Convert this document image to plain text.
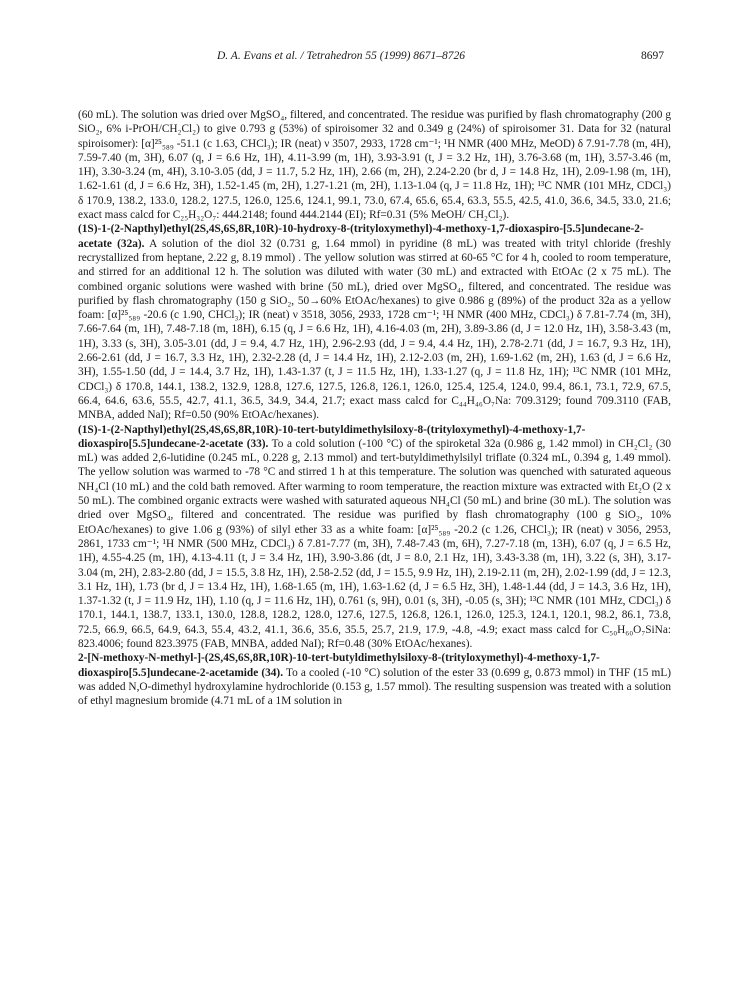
D. A. Evans et al. / Tetrahedron 55 (1999) 8671–8726	8697

(60 mL). The solution was dried over MgSO₄, filtered, and concentrated. The residue was purified by flash chromatography (200 g SiO₂, 6% i-PrOH/CH₂Cl₂) to give 0.793 g (53%) of spiroisomer 32 and 0.349 g (24%) of spiroisomer 31. Data for 32 (natural spiroisomer): [α]²⁵₅₈₉ -51.1 (c 1.63, CHCl₃); IR (neat) ν 3507, 2933, 1728 cm⁻¹; ¹H NMR (400 MHz, MeOD) δ 7.91-7.78 (m, 4H), 7.59-7.40 (m, 3H), 6.07 (q, J = 6.6 Hz, 1H), 4.11-3.99 (m, 1H), 3.93-3.91 (t, J = 3.2 Hz, 1H), 3.76-3.68 (m, 1H), 3.57-3.46 (m, 1H), 3.30-3.24 (m, 4H), 3.10-3.05 (dd, J = 11.7, 5.2 Hz, 1H), 2.66 (m, 2H), 2.24-2.20 (br d, J = 14.8 Hz, 1H), 2.09-1.98 (m, 1H), 1.62-1.61 (d, J = 6.6 Hz, 3H), 1.52-1.45 (m, 2H), 1.27-1.21 (m, 2H), 1.13-1.04 (q, J = 11.8 Hz, 1H); ¹³C NMR (101 MHz, CDCl₃) δ 170.9, 138.2, 133.0, 128.2, 127.5, 126.0, 125.6, 124.1, 99.1, 73.0, 67.4, 65.6, 65.4, 63.3, 55.5, 42.5, 41.0, 36.6, 34.5, 33.0, 21.6; exact mass calcd for C₂₅H₃₂O₇: 444.2148; found 444.2144 (EI); Rf=0.31 (5% MeOH/ CH₂Cl₂).

(1S)-1-(2-Napthyl)ethyl(2S,4S,6S,8R,10R)-10-hydroxy-8-(trityloxymethyl)-4-methoxy-1,7-dioxaspiro-[5.5]undecane-2-acetate (32a). A solution of the diol 32 (0.731 g, 1.64 mmol) in pyridine (8 mL) was treated with trityl chloride (freshly recrystallized from heptane, 2.22 g, 8.19 mmol) . The yellow solution was stirred at 60-65 °C for 4 h, cooled to room temperature, and stirred for an additional 12 h. The solution was diluted with water (30 mL) and extracted with EtOAc (2 x 75 mL). The combined organic solutions were washed with brine (50 mL), dried over MgSO₄, filtered, and concentrated. The residue was purified by flash chromatography (150 g SiO₂, 50→60% EtOAc/hexanes) to give 0.986 g (89%) of the product 32a as a yellow foam: [α]²⁵₅₈₉ -20.6 (c 1.90, CHCl₃); IR (neat) ν 3518, 3056, 2933, 1728 cm⁻¹; ¹H NMR (400 MHz, CDCl₃) δ 7.81-7.74 (m, 3H), 7.66-7.64 (m, 1H), 7.48-7.18 (m, 18H), 6.15 (q, J = 6.6 Hz, 1H), 4.16-4.03 (m, 2H), 3.89-3.86 (d, J = 12.0 Hz, 1H), 3.58-3.43 (m, 1H), 3.33 (s, 3H), 3.05-3.01 (dd, J = 9.4, 4.7 Hz, 1H), 2.96-2.93 (dd, J = 9.4, 4.4 Hz, 1H), 2.78-2.71 (dd, J = 16.7, 9.3 Hz, 1H), 2.66-2.61 (dd, J = 16.7, 3.3 Hz, 1H), 2.32-2.28 (d, J = 14.4 Hz, 1H), 2.12-2.03 (m, 2H), 1.69-1.62 (m, 2H), 1.63 (d, J = 6.6 Hz, 3H), 1.55-1.50 (dd, J = 14.4, 3.7 Hz, 1H), 1.43-1.37 (t, J = 11.5 Hz, 1H), 1.33-1.27 (q, J = 11.8 Hz, 1H); ¹³C NMR (101 MHz, CDCl₃) δ 170.8, 144.1, 138.2, 132.9, 128.8, 127.6, 127.5, 126.8, 126.1, 126.0, 125.4, 125.4, 124.0, 99.4, 86.1, 73.1, 72.9, 67.5, 66.4, 64.6, 63.6, 55.5, 42.7, 41.1, 36.5, 34.9, 34.4, 21.7; exact mass calcd for C₄₄H₄₆O₇Na: 709.3129; found 709.3110 (FAB, MNBA, added NaI); Rf=0.50 (90% EtOAc/hexanes).

(1S)-1-(2-Napthyl)ethyl(2S,4S,6S,8R,10R)-10-tert-butyldimethylsiloxy-8-(trityloxymethyl)-4-methoxy-1,7-dioxaspiro[5.5]undecane-2-acetate (33). To a cold solution (-100 °C) of the spiroketal 32a (0.986 g, 1.42 mmol) in CH₂Cl₂ (30 mL) was added 2,6-lutidine (0.245 mL, 0.228 g, 2.13 mmol) and tert-butyldimethylsilyl triflate (0.324 mL, 0.394 g, 1.49 mmol). The yellow solution was warmed to -78 °C and stirred 1 h at this temperature. The solution was quenched with saturated aqueous NH₄Cl (10 mL) and the cold bath removed. After warming to room temperature, the reaction mixture was extracted with Et₂O (2 x 50 mL). The combined organic extracts were washed with saturated aqueous NH₄Cl (50 mL) and brine (30 mL). The solution was dried over MgSO₄, filtered and concentrated. The residue was purified by flash chromatography (100 g SiO₂, 10% EtOAc/hexanes) to give 1.06 g (93%) of silyl ether 33 as a white foam: [α]²⁵₅₈₉ -20.2 (c 1.26, CHCl₃); IR (neat) ν 3056, 2953, 2861, 1733 cm⁻¹; ¹H NMR (500 MHz, CDCl₃) δ 7.81-7.77 (m, 3H), 7.48-7.43 (m, 6H), 7.27-7.18 (m, 13H), 6.07 (q, J = 6.5 Hz, 1H), 4.55-4.25 (m, 1H), 4.13-4.11 (t, J = 3.4 Hz, 1H), 3.90-3.86 (dt, J = 8.0, 2.1 Hz, 1H), 3.43-3.38 (m, 1H), 3.22 (s, 3H), 3.17-3.04 (m, 2H), 2.83-2.80 (dd, J = 15.5, 3.8 Hz, 1H), 2.58-2.52 (dd, J = 15.5, 9.9 Hz, 1H), 2.19-2.11 (m, 2H), 2.02-1.99 (dd, J = 12.3, 3.1 Hz, 1H), 1.73 (br d, J = 13.4 Hz, 1H), 1.68-1.65 (m, 1H), 1.63-1.62 (d, J = 6.5 Hz, 3H), 1.48-1.44 (dd, J = 14.3, 3.6 Hz, 1H), 1.37-1.32 (t, J = 11.9 Hz, 1H), 1.10 (q, J = 11.6 Hz, 1H), 0.761 (s, 9H), 0.01 (s, 3H), -0.05 (s, 3H); ¹³C NMR (101 MHz, CDCl₃) δ 170.1, 144.1, 138.7, 133.1, 130.0, 128.8, 128.2, 128.0, 127.6, 127.5, 126.8, 126.1, 126.0, 125.3, 124.1, 120.1, 98.2, 86.1, 73.8, 72.5, 66.9, 66.5, 64.9, 64.3, 55.4, 43.2, 41.1, 36.6, 35.6, 35.5, 25.7, 21.9, 17.9, -4.8, -4.9; exact mass calcd for C₅₀H₆₀O₇SiNa: 823.4006; found 823.3975 (FAB, MNBA, added NaI); Rf=0.48 (30% EtOAc/hexanes).

2-[N-methoxy-N-methyl-]-(2S,4S,6S,8R,10R)-10-tert-butyldimethylsiloxy-8-(trityloxymethyl)-4-methoxy-1,7-dioxaspiro[5.5]undecane-2-acetamide (34). To a cooled (-10 °C) solution of the ester 33 (0.699 g, 0.873 mmol) in THF (15 mL) was added N,O-dimethyl hydroxylamine hydrochloride (0.153 g, 1.57 mmol). The resulting suspension was treated with a solution of ethyl magnesium bromide (4.71 mL of a 1M solution in
